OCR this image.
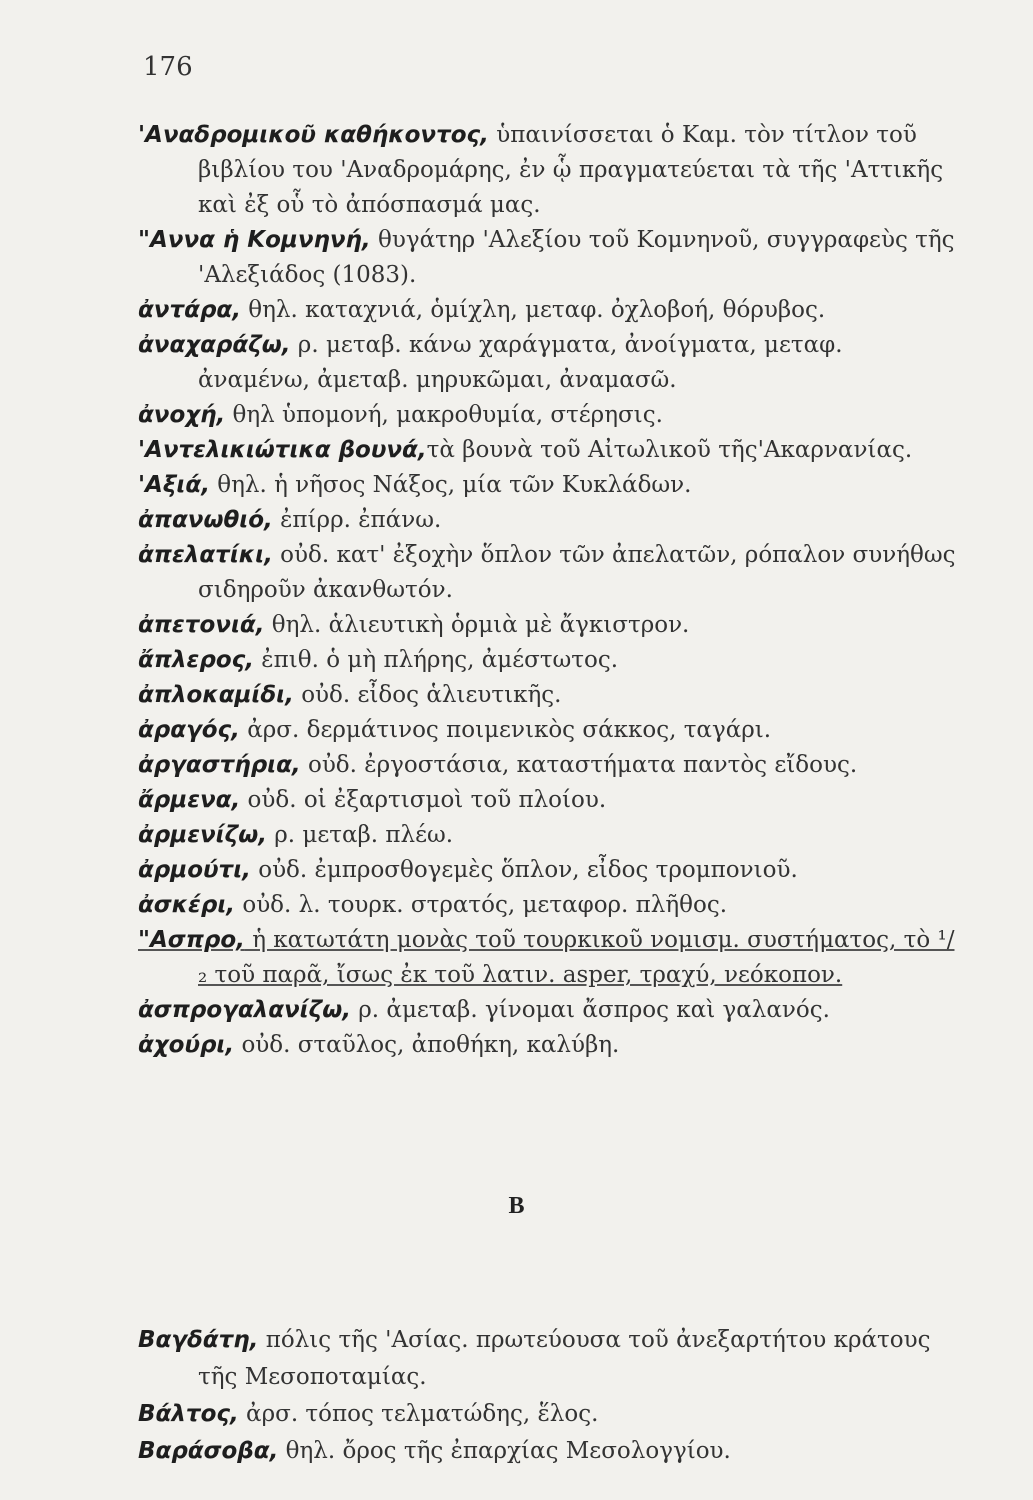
176

'Αναδρομικοῦ καθήκοντος, ὑπαινίσσεται ὁ Καμ. τὸν τίτλον τοῦ βιβλίου του 'Αναδρομάρης, ἐν ᾧ πραγματεύεται τὰ τῆς 'Αττικῆς καὶ ἐξ οὗ τὸ ἀπόσπασμά μας.

"Αννα ἡ Κομνηνή, θυγάτηρ 'Αλεξίου τοῦ Κομνηνοῦ, συγγραφεὺς τῆς 'Αλεξιάδος (1083).

ἀντάρα, θηλ. καταχνιά, ὁμίχλη, μεταφ. ὀχλοβοή, θόρυβος.

ἀναχαράζω, ρ. μεταβ. κάνω χαράγματα, ἀνοίγματα, μεταφ. ἀναμένω, ἀμεταβ. μηρυκῶμαι, ἀναμασῶ.

ἀνοχή, θηλ ὑπομονή, μακροθυμία, στέρησις.

'Αντελικιώτικα βουνά,τὰ βουνὰ τοῦ Αἰτωλικοῦ τῆς'Ακαρνανίας.

'Αξιά, θηλ. ἡ νῆσος Νάξος, μία τῶν Κυκλάδων.

ἀπανωθιό, ἐπίρρ. ἐπάνω.

ἀπελατίκι, οὐδ. κατ' ἐξοχὴν ὅπλον τῶν ἀπελατῶν, ρόπαλον συνήθως σιδηροῦν ἀκανθωτόν.

ἀπετονιά, θηλ. ἁλιευτικὴ ὁρμιὰ μὲ ἄγκιστρον.

ἄπλερος, ἐπιθ. ὁ μὴ πλήρης, ἀμέστωτος.

ἀπλοκαμίδι, οὐδ. εἶδος ἁλιευτικῆς.

ἀραγός, ἀρσ. δερμάτινος ποιμενικὸς σάκκος, ταγάρι.

ἀργαστήρια, οὐδ. ἐργοστάσια, καταστήματα παντὸς εἴδους.

ἄρμενα, οὐδ. οἱ ἐξαρτισμοὶ τοῦ πλοίου.

ἀρμενίζω, ρ. μεταβ. πλέω.

ἀρμούτι, οὐδ. ἐμπροσθογεμὲς ὅπλον, εἶδος τρομπονιοῦ.

ἀσκέρι, οὐδ. λ. τουρκ. στρατός, μεταφορ. πλῆθος.

"Ασπρο, ἡ κατωτάτη μονὰς τοῦ τουρκικοῦ νομισμ. συστήματος, τὸ ¹/₂ τοῦ παρᾶ, ἴσως ἐκ τοῦ λατιν. asper, τραχύ, νεόκοπον.

ἀσπρογαλανίζω, ρ. ἀμεταβ. γίνομαι ἄσπρος καὶ γαλανός.

ἀχούρι, οὐδ. σταῦλος, ἀποθήκη, καλύβη.

B

Βαγδάτη, πόλις τῆς 'Ασίας. πρωτεύουσα τοῦ ἀνεξαρτήτου κράτους τῆς Μεσοποταμίας.

Βάλτος, ἀρσ. τόπος τελματώδης, ἕλος.

Βαράσοβα, θηλ. ὄρος τῆς ἐπαρχίας Μεσολογγίου.
